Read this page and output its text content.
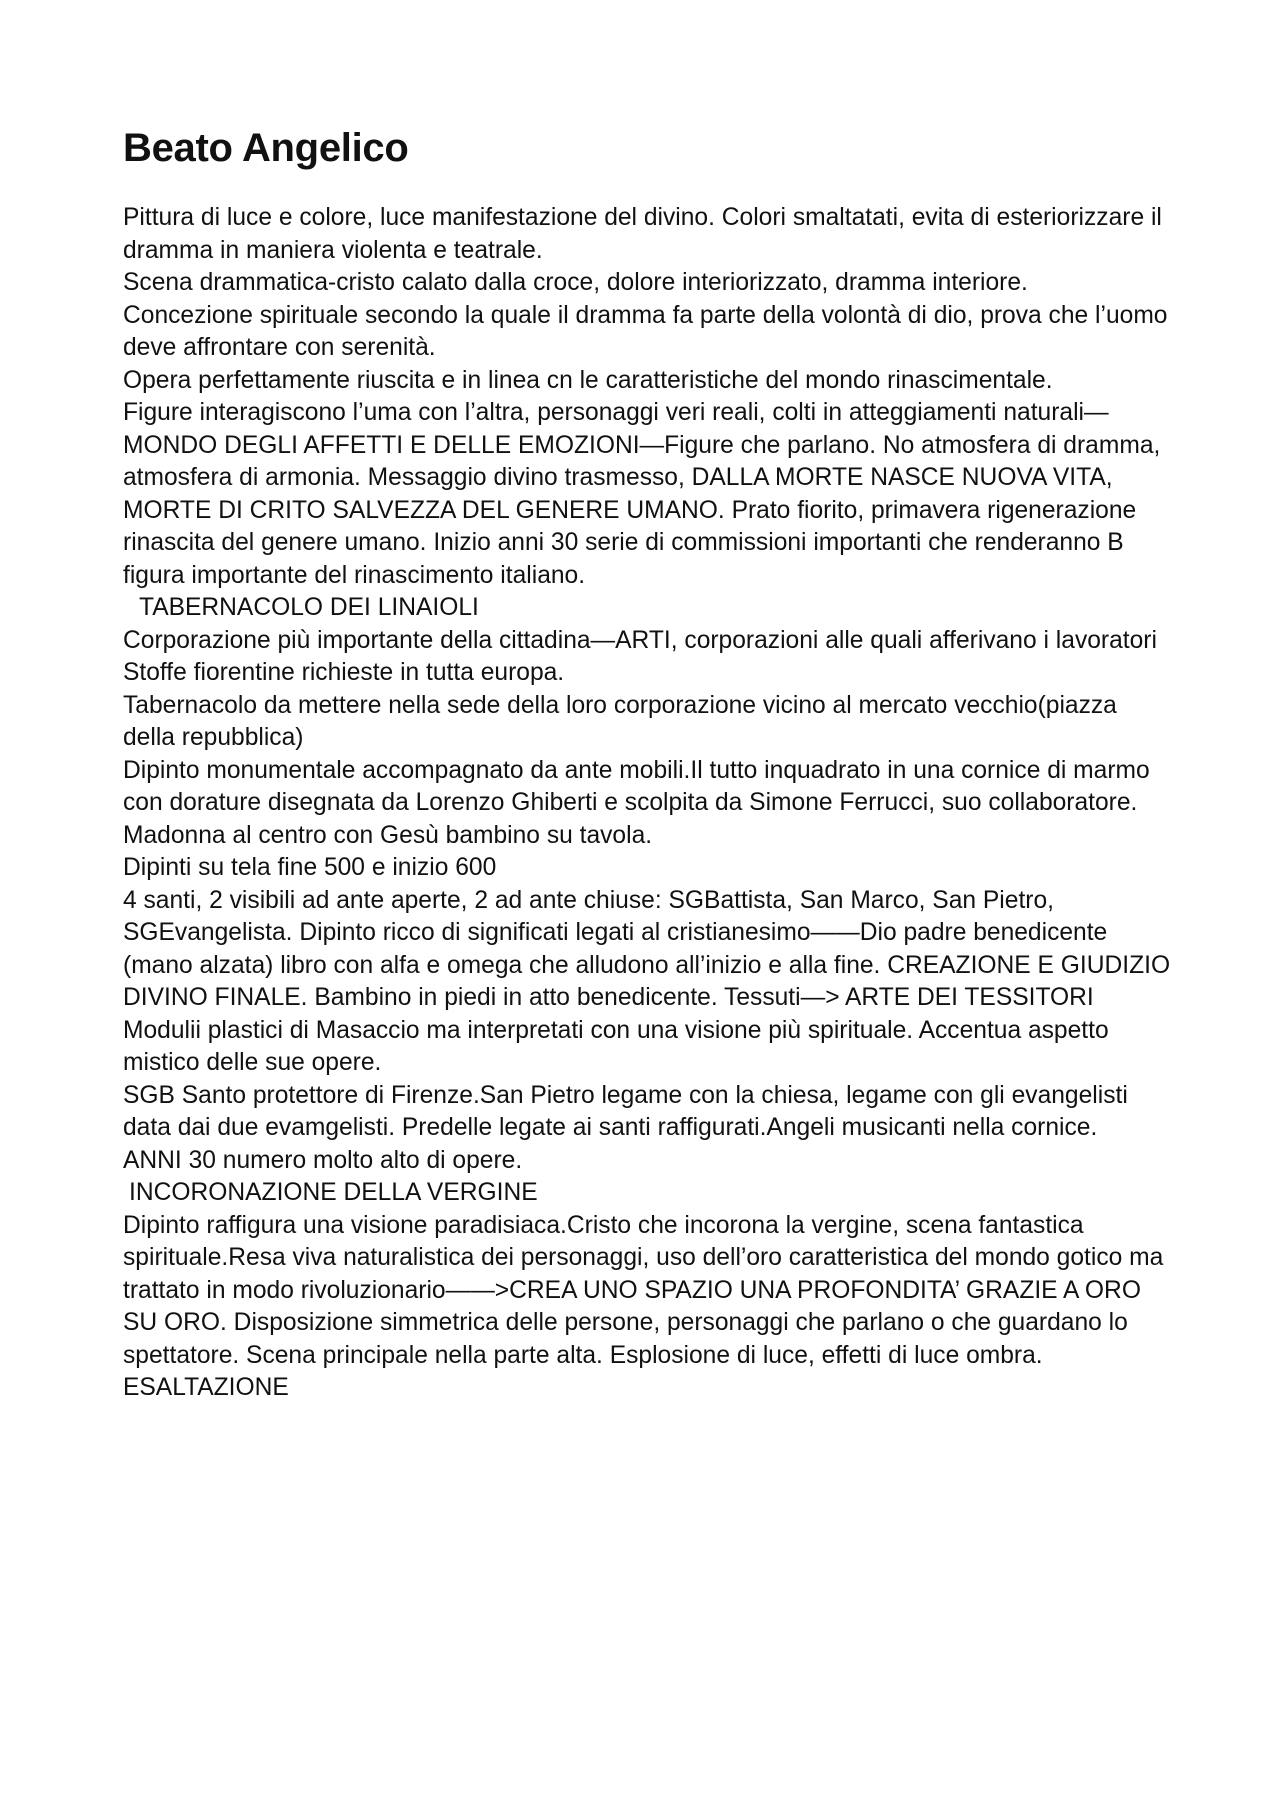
Beato Angelico

Pittura di luce e colore, luce manifestazione del divino. Colori smaltatati, evita di esteriorizzare il dramma in maniera violenta e teatrale.

Scena drammatica-cristo calato dalla croce, dolore interiorizzato, dramma interiore.

Concezione spirituale secondo la quale il dramma fa parte della volontà di dio, prova che l’uomo deve affrontare con serenità.

Opera perfettamente riuscita e in linea cn le caratteristiche del mondo rinascimentale.

Figure interagiscono l’uma con l’altra, personaggi veri reali, colti in atteggiamenti naturali—MONDO DEGLI AFFETTI E DELLE EMOZIONI—Figure che parlano. No atmosfera di dramma, atmosfera di armonia. Messaggio divino trasmesso, DALLA MORTE NASCE NUOVA VITA, MORTE DI CRITO SALVEZZA DEL GENERE UMANO. Prato fiorito, primavera rigenerazione rinascita del genere umano. Inizio anni 30 serie di commissioni importanti che renderanno B figura importante del rinascimento italiano.

TABERNACOLO DEI LINAIOLI

Corporazione più importante della cittadina—ARTI, corporazioni alle quali afferivano i lavoratori

Stoffe fiorentine richieste in tutta europa.

Tabernacolo da mettere nella sede della loro corporazione vicino al mercato vecchio(piazza della repubblica)

Dipinto monumentale accompagnato da ante mobili.Il tutto inquadrato in una cornice di marmo con dorature disegnata da Lorenzo Ghiberti e scolpita da Simone Ferrucci, suo collaboratore.

Madonna al centro con Gesù bambino su tavola.

Dipinti su tela fine 500 e inizio 600

4 santi, 2 visibili ad ante aperte, 2 ad ante chiuse: SGBattista, San Marco, San Pietro, SGEvangelista. Dipinto ricco di significati legati al cristianesimo——Dio padre benedicente (mano alzata) libro con alfa e omega che alludono all’inizio e alla fine. CREAZIONE E GIUDIZIO DIVINO FINALE. Bambino in piedi in atto benedicente. Tessuti—> ARTE DEI TESSITORI

Modulii plastici di Masaccio ma interpretati con una visione più spirituale. Accentua aspetto mistico delle sue opere.

SGB Santo protettore di Firenze.San Pietro legame con la chiesa, legame con gli evangelisti data dai due evamgelisti. Predelle legate ai santi raffigurati.Angeli musicanti nella cornice.

ANNI 30 numero molto alto di opere.

INCORONAZIONE DELLA VERGINE

Dipinto raffigura una visione paradisiaca.Cristo che incorona la vergine, scena fantastica spirituale.Resa viva naturalistica dei personaggi, uso dell’oro caratteristica del mondo gotico ma trattato in modo rivoluzionario——>CREA UNO SPAZIO UNA PROFONDITA’ GRAZIE A ORO SU ORO. Disposizione simmetrica delle persone, personaggi che parlano o che guardano lo spettatore. Scena principale nella parte alta. Esplosione di luce, effetti di luce ombra. ESALTAZIONE
